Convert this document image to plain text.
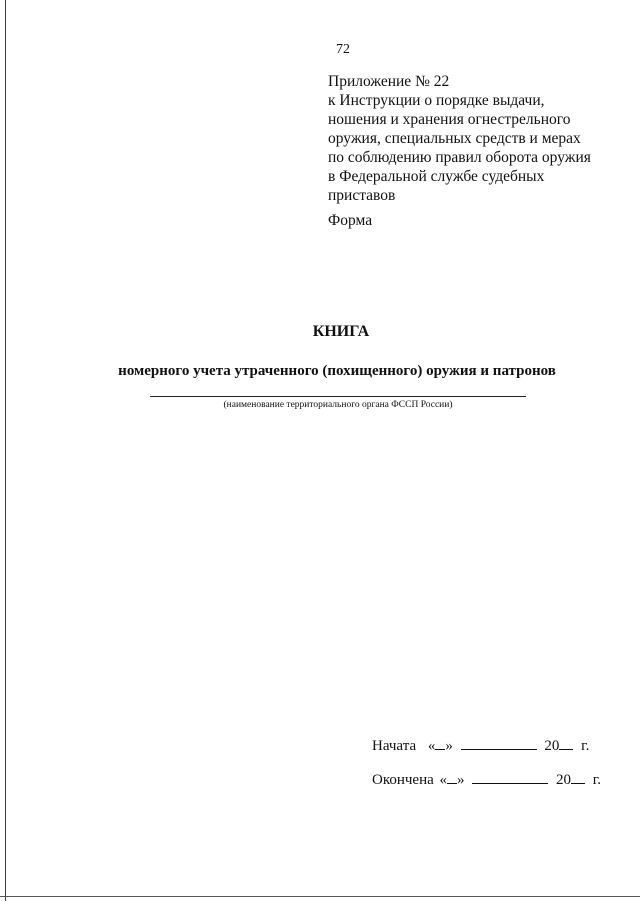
72
Приложение № 22
к Инструкции о порядке выдачи,
ношения и хранения огнестрельного
оружия, специальных средств и мерах
по соблюдению правил оборота оружия
в Федеральной службе судебных
приставов
Форма
КНИГА
номерного учета утраченного (похищенного) оружия и патронов
(наименование территориального органа ФССП России)
Начата « »	20 г.
Окончена « »	20 г.
